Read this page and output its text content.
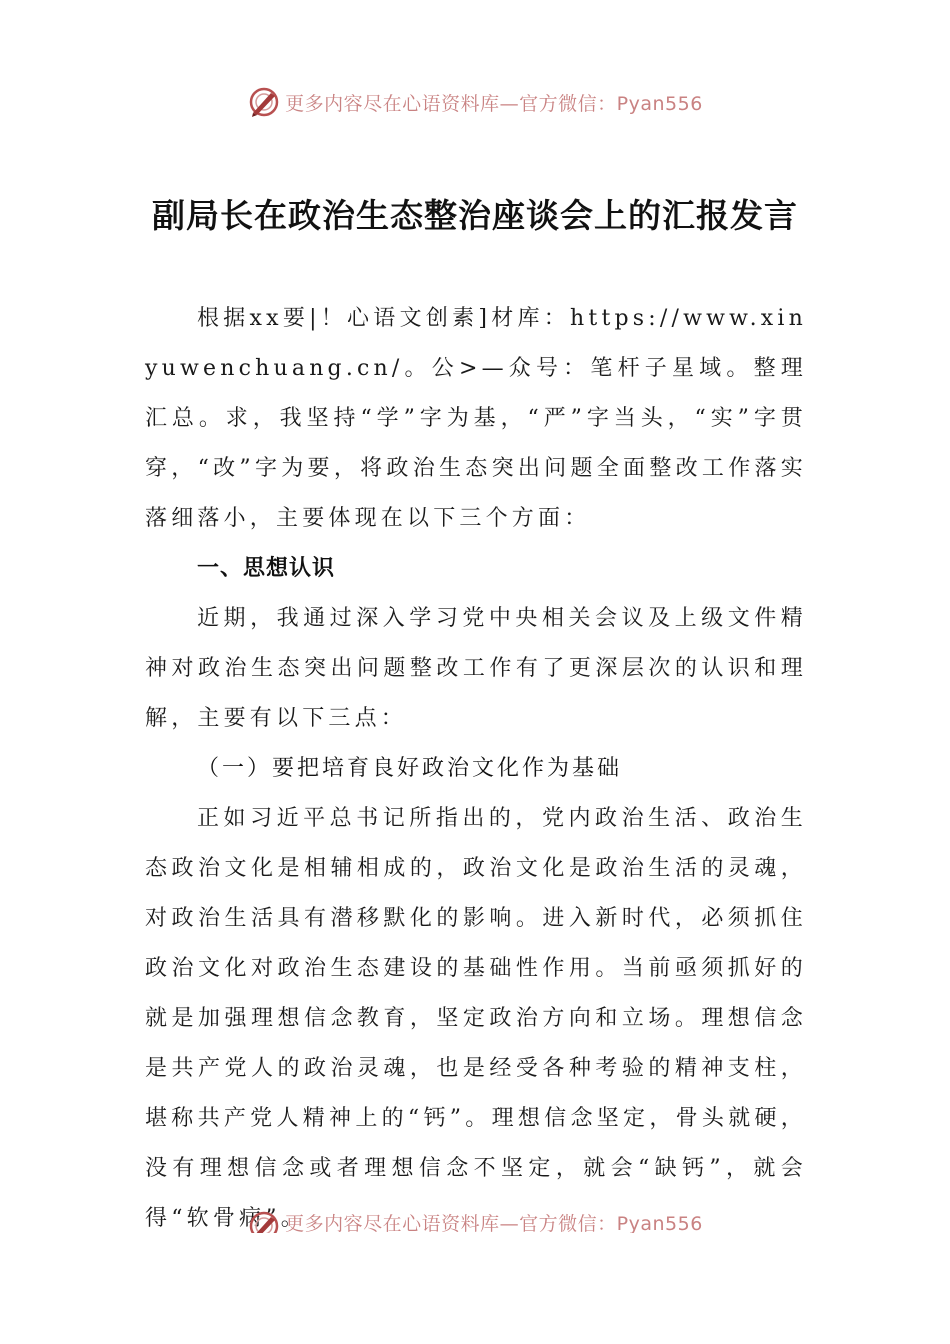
更多内容尽在心语资料库—官方微信：Pyan556
副局长在政治生态整治座谈会上的汇报发言
根据xx要|！心语文创素]材库：https://www.xinyuwenchuang.cn/。公>—众号：笔杆子星域。整理汇总。求，我坚持“学”字为基，“严”字当头，“实”字贯穿，“改”字为要，将政治生态突出问题全面整改工作落实落细落小，主要体现在以下三个方面：
一、思想认识
近期，我通过深入学习党中央相关会议及上级文件精神对政治生态突出问题整改工作有了更深层次的认识和理解，主要有以下三点：
（一）要把培育良好政治文化作为基础
正如习近平总书记所指出的，党内政治生活、政治生态政治文化是相辅相成的，政治文化是政治生活的灵魂，对政治生活具有潜移默化的影响。进入新时代，必须抓住政治文化对政治生态建设的基础性作用。当前亟须抓好的就是加强理想信念教育，坚定政治方向和立场。理想信念是共产党人的政治灵魂，也是经受各种考验的精神支柱，堪称共产党人精神上的“钙”。理想信念坚定，骨头就硬，没有理想信念或者理想信念不坚定，就会“缺钙”，就会得“软骨病”。
更多内容尽在心语资料库—官方微信：Pyan556
